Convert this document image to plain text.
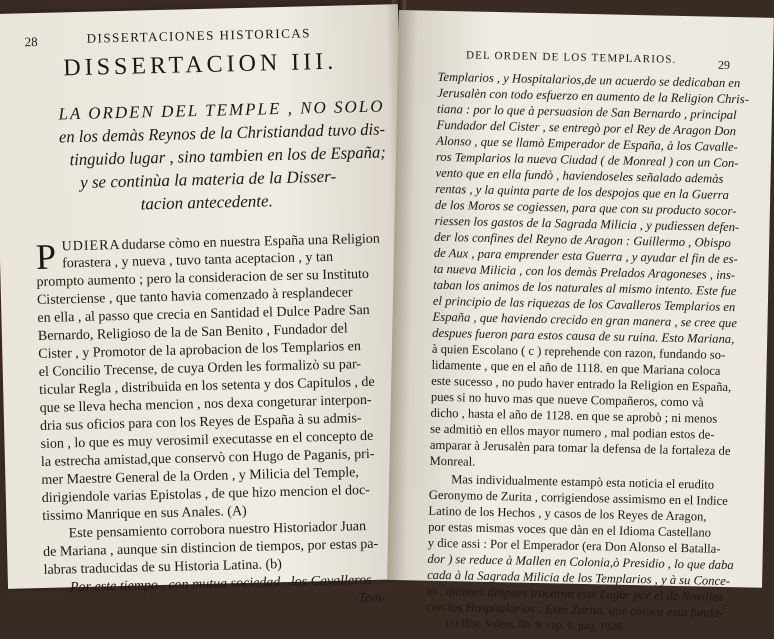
28	DISSERTACIONES HISTORICAS
DISSERTACION III.
LA ORDEN DEL TEMPLE , NO SOLO
en los demàs Reynos de la Christiandad tuvo dis-
tinguido lugar , sino tambien en los de España;
y se continùa la materia de la Disser-
tacion antecedente.
P UDIERA dudarse còmo en nuestra España una Religion
forastera , y nueva , tuvo tanta aceptacion , y tan
prompto aumento ; pero la consideracion de ser su Instituto
Cisterciense , que tanto havia comenzado à resplandecer
en ella , al passo que crecia en Santidad el Dulce Padre San
Bernardo, Religioso de la de San Benito , Fundador del
Cister , y Promotor de la aprobacion de los Templarios en
el Concilio Trecense, de cuya Orden les formalizò su par-
ticular Regla , distribuida en los setenta y dos Capitulos , de
que se lleva hecha mencion , nos dexa congeturar interpon-
dria sus oficios para con los Reyes de España à su admis-
sion , lo que es muy verosimil executasse en el concepto de
la estrecha amistad,que conservò con Hugo de Paganis, pri-
mer Maestre General de la Orden , y Milicia del Temple,
dirigiendole varias Epistolas , de que hizo mencion el doc-
tissimo Manrique en sus Anales. (A)
Este pensamiento corrobora nuestro Historiador Juan
de Mariana , aunque sin distincion de tiempos, por estas pa-
labras traducidas de su Historia Latina. (b)
Por este tiempo , con mutua sociedad , los Cavalleros
Tem-
DEL ORDEN DE LOS TEMPLARIOS.	29
Templarios , y Hospitalarios,de un acuerdo se dedicaban en
Jerusalèn con todo esfuerzo en aumento de la Religion Chris-
tiana : por lo que à persuasion de San Bernardo , principal
Fundador del Cister , se entregò por el Rey de Aragon Don
Alonso , que se llamò Emperador de España, à los Cavalle-
ros Templarios la nueva Ciudad ( de Monreal ) con un Con-
vento que en ella fundò , haviendoseles señalado ademàs
rentas , y la quinta parte de los despojos que en la Guerra
de los Moros se cogiessen, para que con su producto socor-
riessen los gastos de la Sagrada Milicia , y pudiessen defen-
der los confines del Reyno de Aragon : Guillermo , Obispo
de Aux , para emprender esta Guerra , y ayudar el fin de es-
ta nueva Milicia , con los demàs Prelados Aragoneses , ins-
taban los animos de los naturales al mismo intento. Este fue
el principio de las riquezas de los Cavalleros Templarios en
España , que haviendo crecido en gran manera , se cree que
despues fueron para estos causa de su ruina. Esto Mariana,
à quien Escolano ( c ) reprehende con razon, fundando so-
lidamente , que en el año de 1118. en que Mariana coloca
este sucesso , no pudo haver entrado la Religion en España,
pues si no huvo mas que nueve Compañeros, como và
dicho , hasta el año de 1128. en que se aprobò ; ni menos
se admitiò en ellos mayor numero , mal podian estos de-
amparar à Jerusalèn para tomar la defensa de la fortaleza de
Monreal.
Mas individualmente estampò esta noticia el erudito
Geronymo de Zurita , corrigiendose assimismo en el Indice
Latino de los Hechos , y casos de los Reyes de Aragon,
por estas mismas voces que dàn en el Idioma Castellano
y dice assi : Por el Emperador (era Don Alonso el Batalla-
dor ) se reduce à Mallen en Colonia,ò Presidio , lo que daba
cada à la Sagrada Milicia de los Templarios , y à su Conce-
to , quienes despues trocaron este Lugar por el de Novillas
con los Hospitalarios : Esto Zurita, que coloca esta funda-
(c) Hist. Valent. lib. 9. cap. 6. pag. 1028.
